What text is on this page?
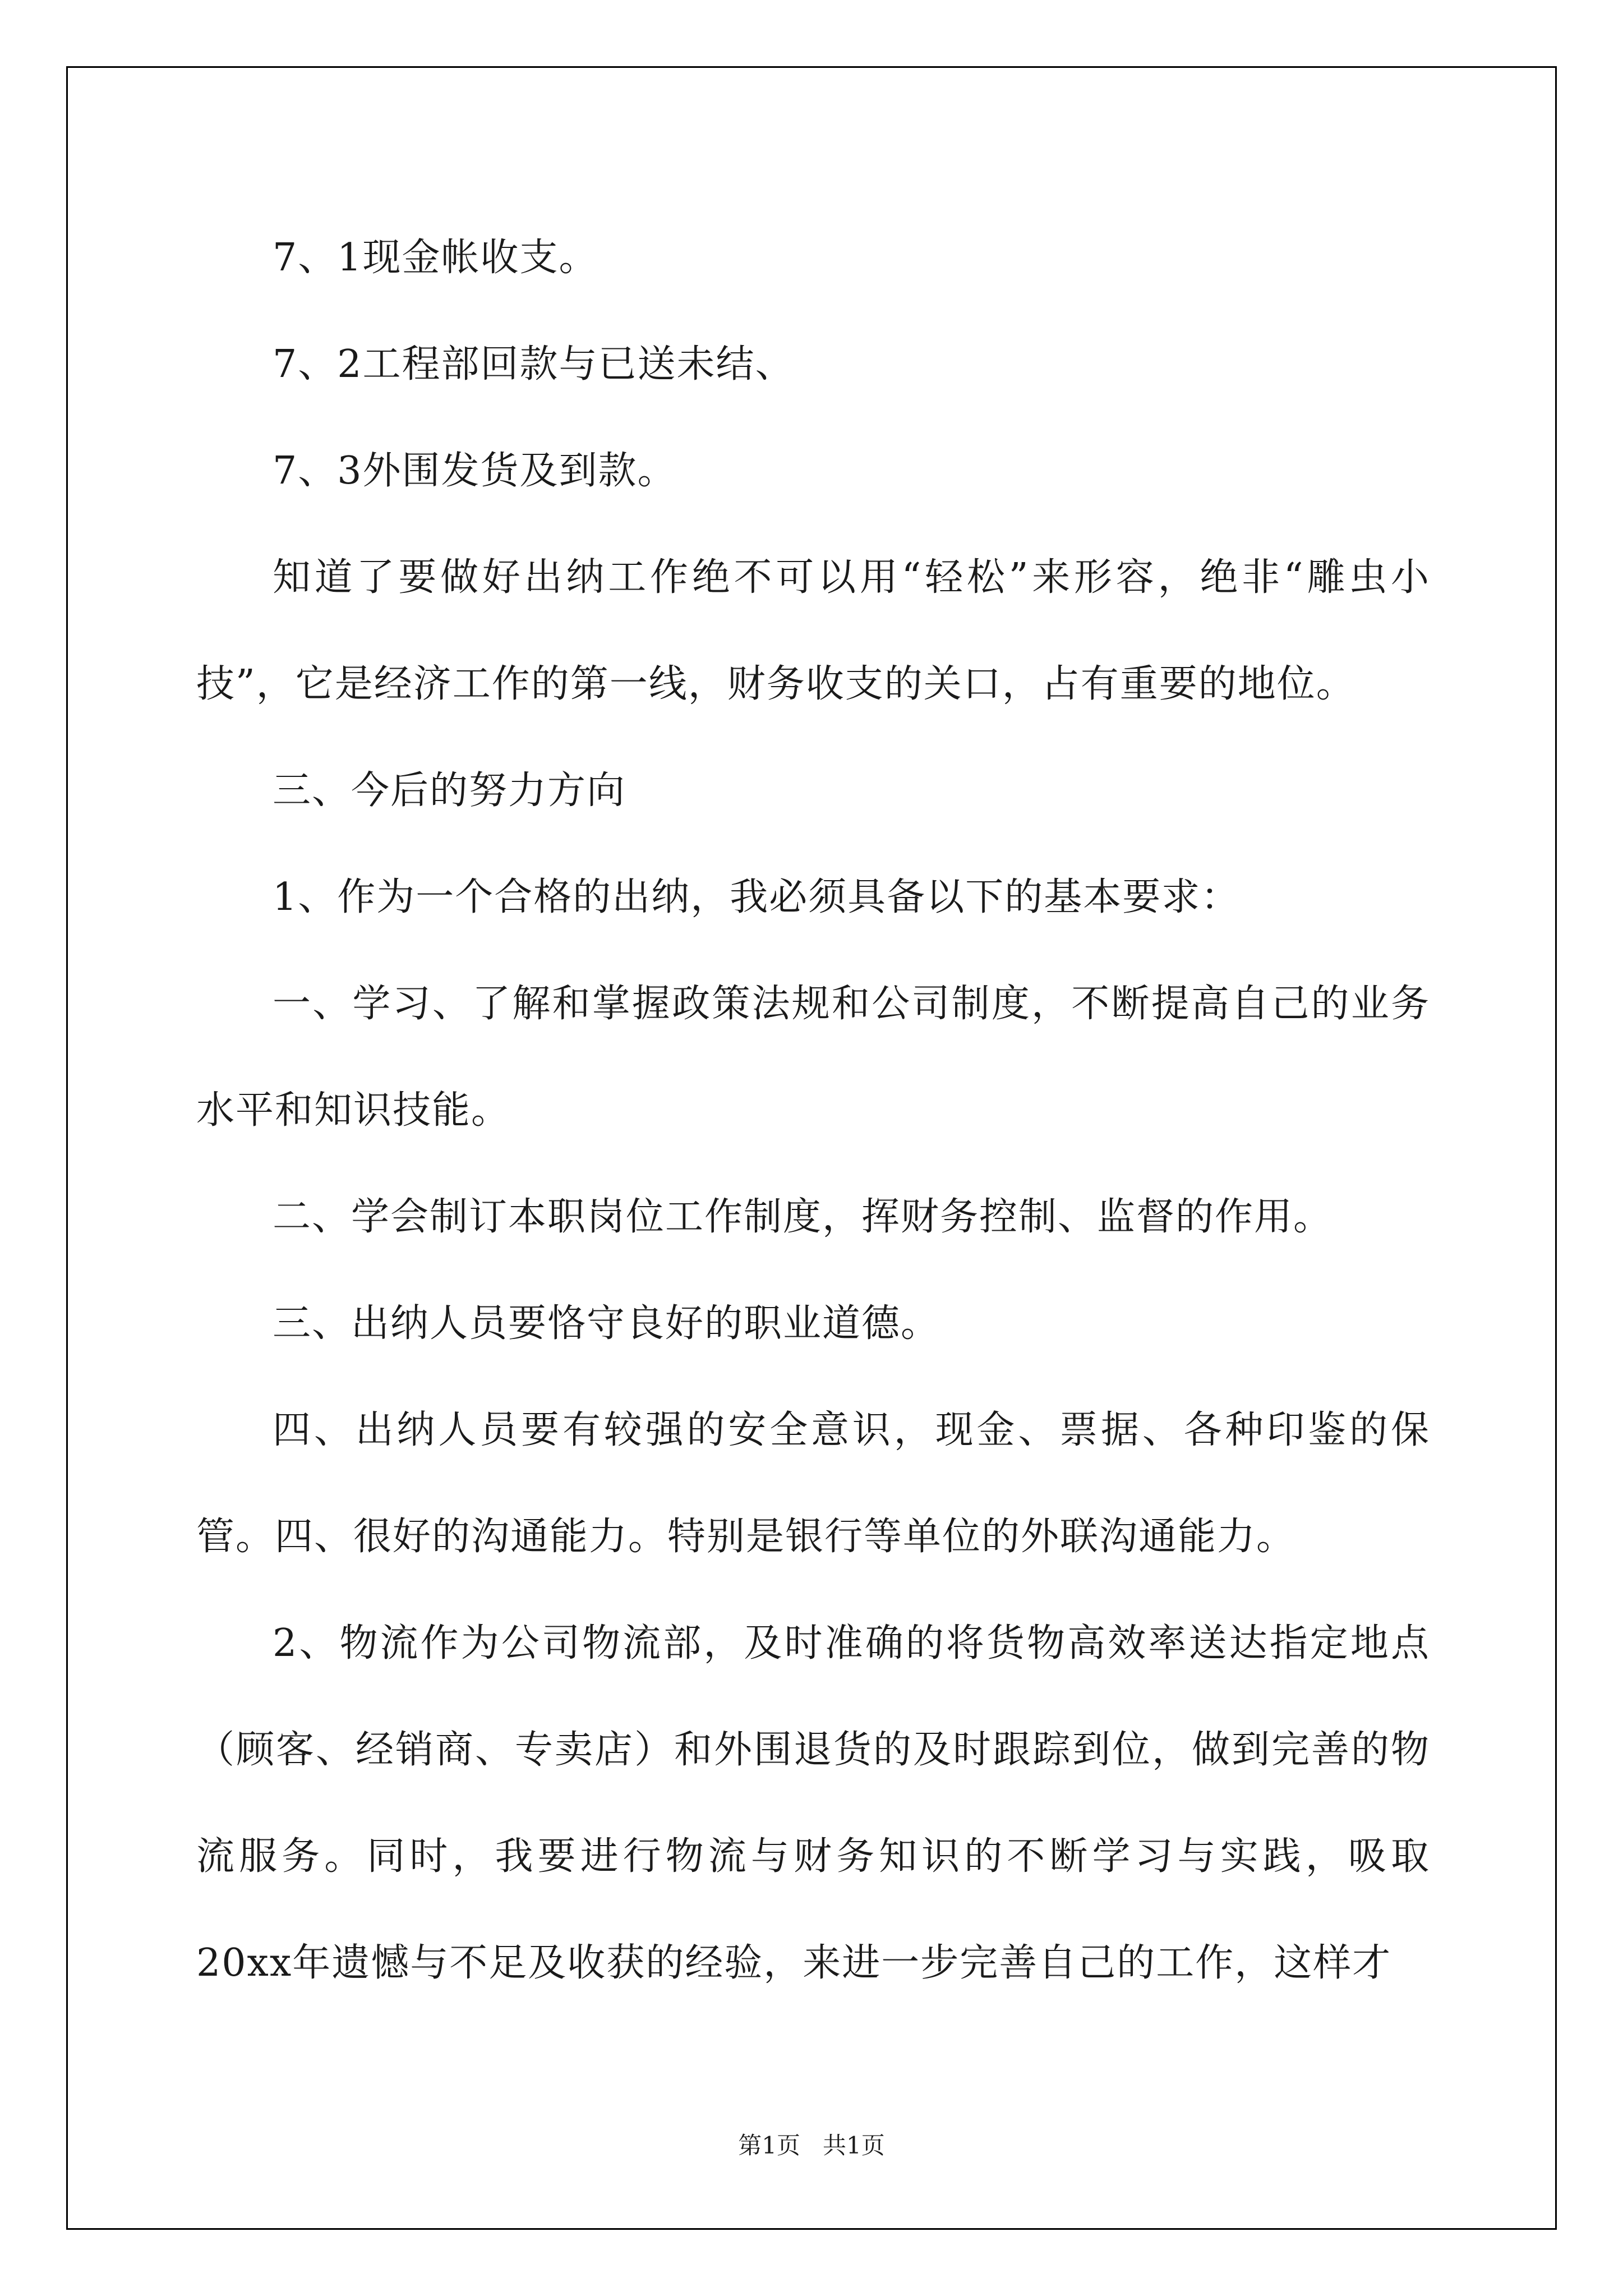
7、1现金帐收支。

7、2工程部回款与已送未结、

7、3外围发货及到款。

知道了要做好出纳工作绝不可以用“轻松”来形容，绝非“雕虫小技”，它是经济工作的第一线，财务收支的关口，占有重要的地位。

三、今后的努力方向

1、作为一个合格的出纳，我必须具备以下的基本要求：

一、学习、了解和掌握政策法规和公司制度，不断提高自己的业务水平和知识技能。

二、学会制订本职岗位工作制度，挥财务控制、监督的作用。

三、出纳人员要恪守良好的职业道德。

四、出纳人员要有较强的安全意识，现金、票据、各种印鉴的保管。四、很好的沟通能力。特别是银行等单位的外联沟通能力。

2、物流作为公司物流部，及时准确的将货物高效率送达指定地点（顾客、经销商、专卖店）和外围退货的及时跟踪到位，做到完善的物流服务。同时，我要进行物流与财务知识的不断学习与实践，吸取20xx年遗憾与不足及收获的经验，来进一步完善自己的工作，这样才

第1页 共1页
